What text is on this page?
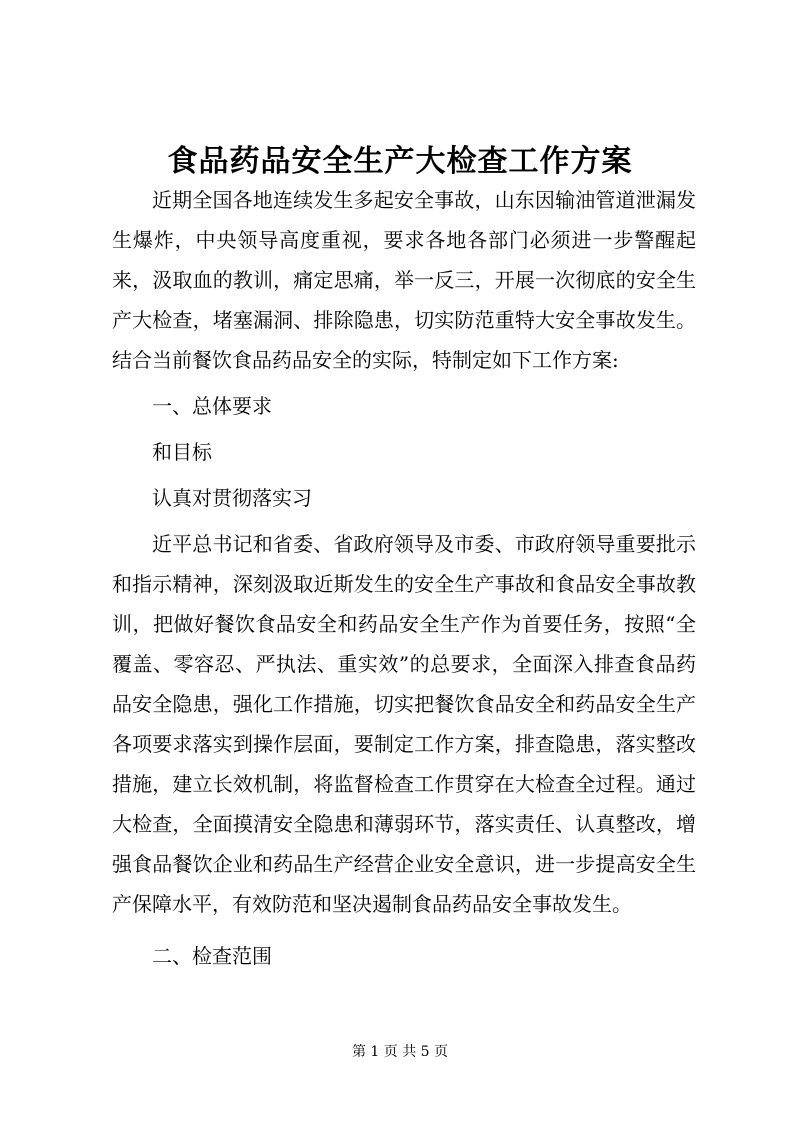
食品药品安全生产大检查工作方案

近期全国各地连续发生多起安全事故，山东因输油管道泄漏发生爆炸，中央领导高度重视，要求各地各部门必须进一步警醒起来，汲取血的教训，痛定思痛，举一反三，开展一次彻底的安全生产大检查，堵塞漏洞、排除隐患，切实防范重特大安全事故发生。结合当前餐饮食品药品安全的实际，特制定如下工作方案:

一、总体要求

和目标

认真对贯彻落实习

近平总书记和省委、省政府领导及市委、市政府领导重要批示和指示精神，深刻汲取近斯发生的安全生产事故和食品安全事故教训，把做好餐饮食品安全和药品安全生产作为首要任务，按照“全覆盖、零容忍、严执法、重实效”的总要求，全面深入排查食品药品安全隐患，强化工作措施，切实把餐饮食品安全和药品安全生产各项要求落实到操作层面，要制定工作方案，排查隐患，落实整改措施，建立长效机制，将监督检查工作贯穿在大检查全过程。通过大检查，全面摸清安全隐患和薄弱环节，落实责任、认真整改，增强食品餐饮企业和药品生产经营企业安全意识，进一步提高安全生产保障水平，有效防范和坚决遏制食品药品安全事故发生。

二、检查范围

第 1 页 共 5 页
